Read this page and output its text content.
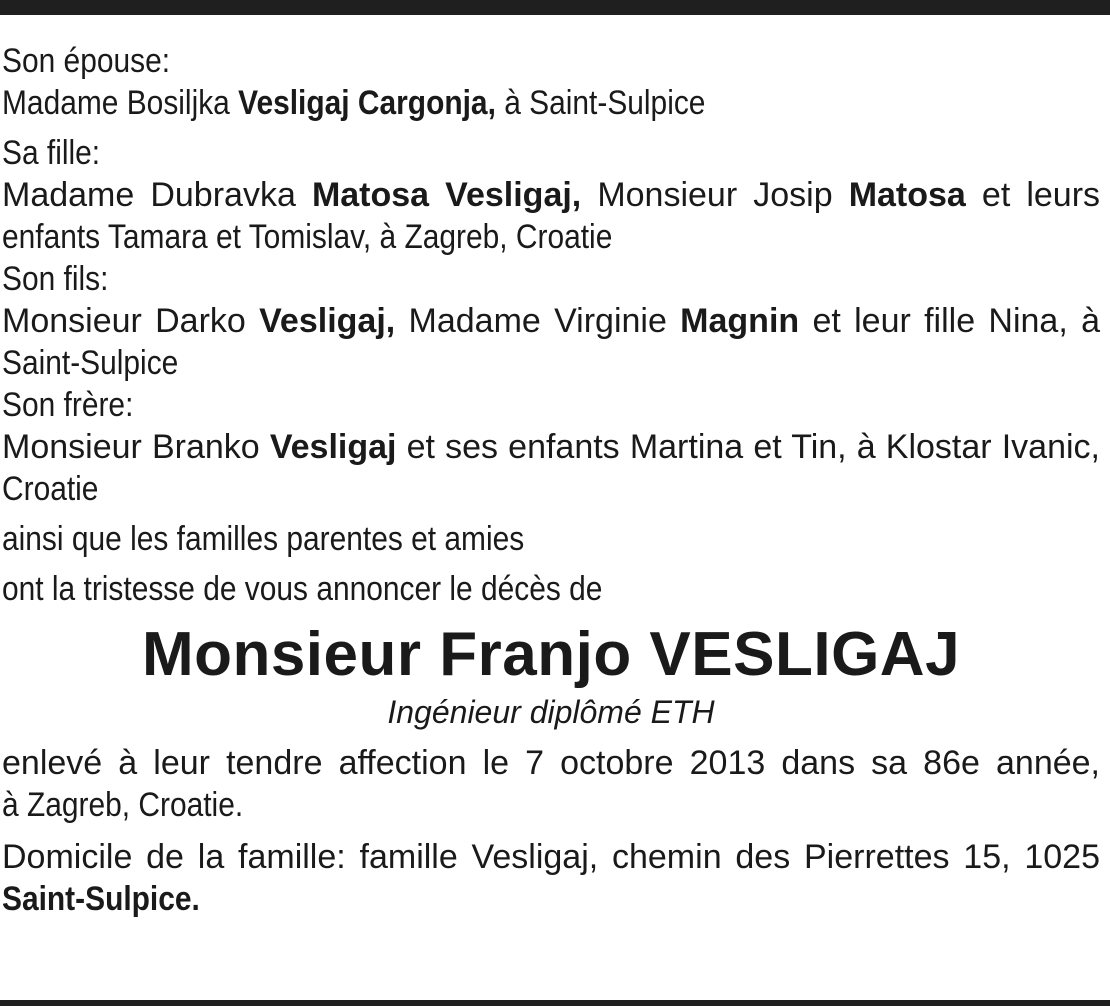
Son épouse:

Madame Bosiljka Vesligaj Cargonja, à Saint-Sulpice

Sa fille:

Madame Dubravka Matosa Vesligaj, Monsieur Josip Matosa et leurs

enfants Tamara et Tomislav, à Zagreb, Croatie

Son fils:

Monsieur Darko Vesligaj, Madame Virginie Magnin et leur fille Nina, à

Saint-Sulpice

Son frère:

Monsieur Branko Vesligaj et ses enfants Martina et Tin, à Klostar Ivanic,

Croatie

ainsi que les familles parentes et amies

ont la tristesse de vous annoncer le décès de

Monsieur Franjo VESLIGAJ

Ingénieur diplômé ETH

enlevé à leur tendre affection le 7 octobre 2013 dans sa 86e année,

à Zagreb, Croatie.

Domicile de la famille: famille Vesligaj, chemin des Pierrettes 15, 1025

Saint-Sulpice.
